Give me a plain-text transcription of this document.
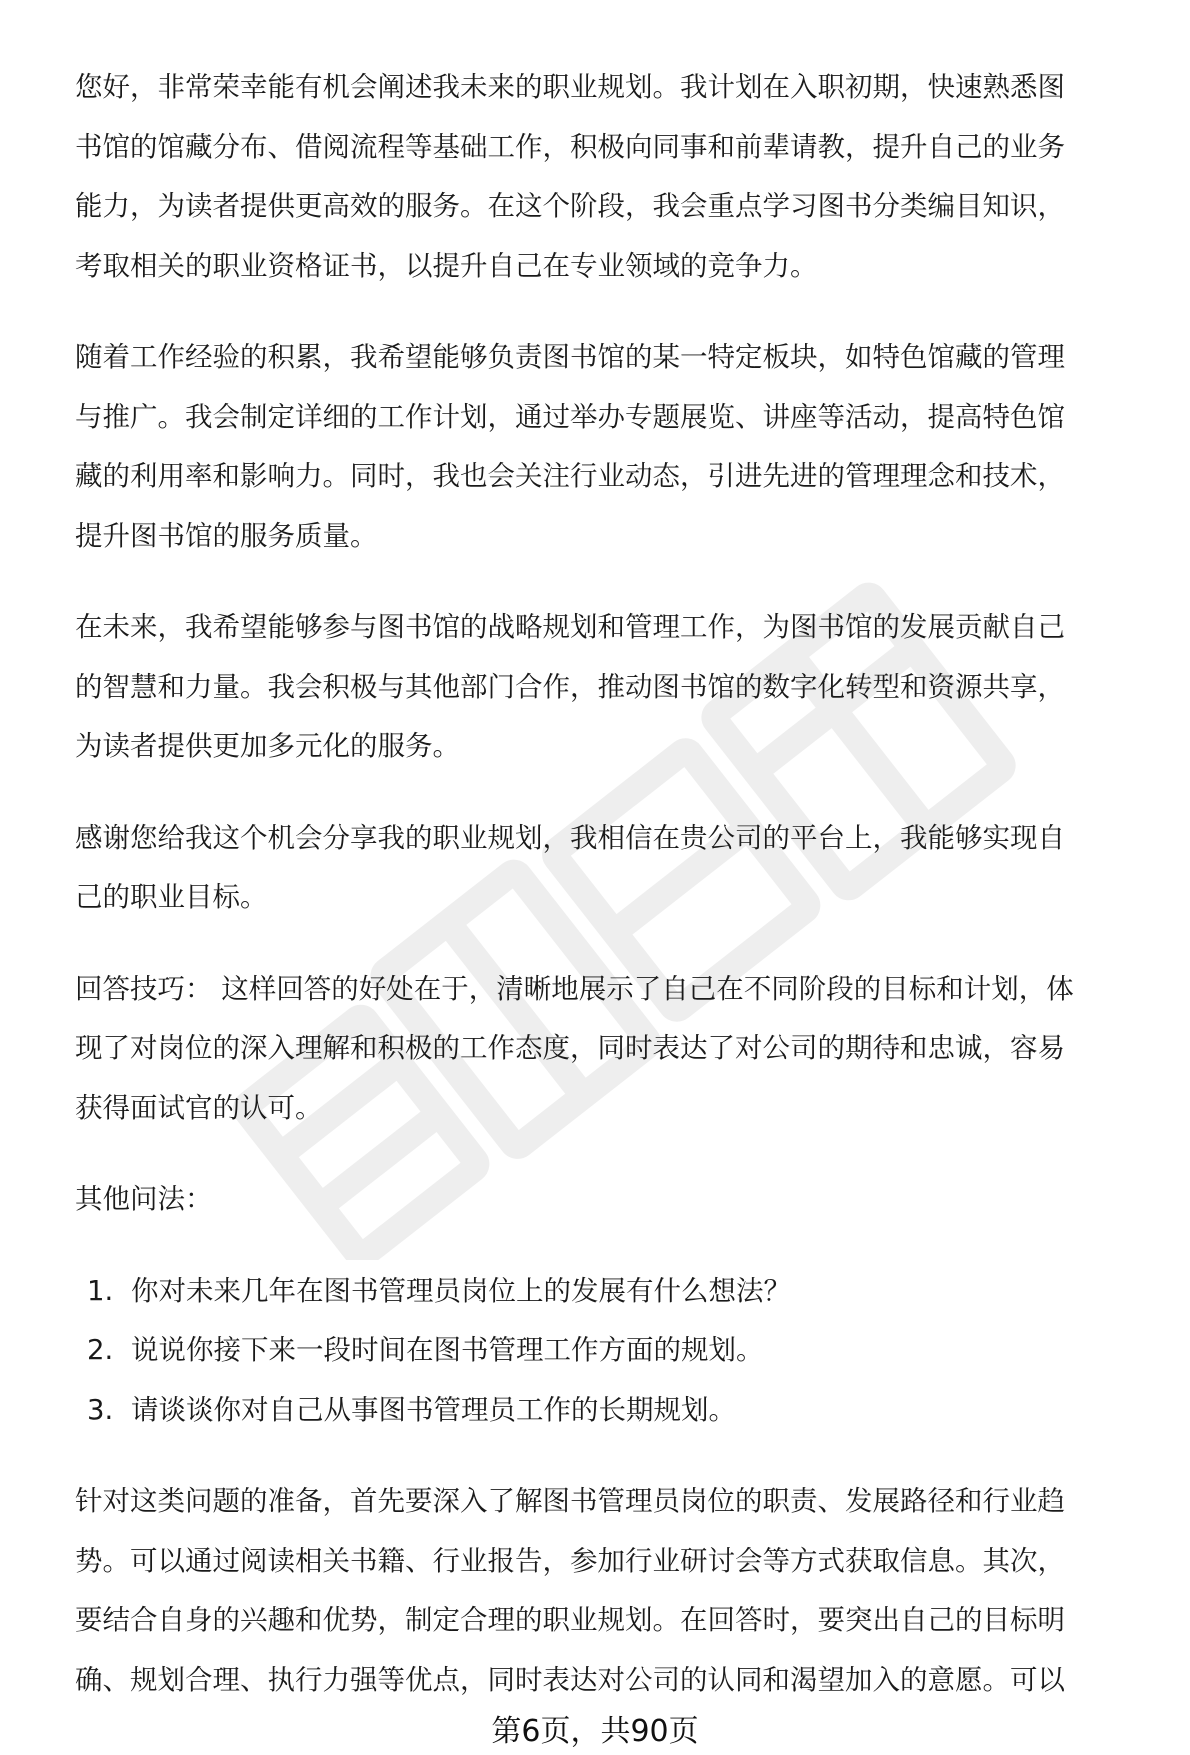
您好，非常荣幸能有机会阐述我未来的职业规划。我计划在入职初期，快速熟悉图
书馆的馆藏分布、借阅流程等基础工作，积极向同事和前辈请教，提升自己的业务
能力，为读者提供更高效的服务。在这个阶段，我会重点学习图书分类编目知识，
考取相关的职业资格证书，以提升自己在专业领域的竞争力。

随着工作经验的积累，我希望能够负责图书馆的某一特定板块，如特色馆藏的管理
与推广。我会制定详细的工作计划，通过举办专题展览、讲座等活动，提高特色馆
藏的利用率和影响力。同时，我也会关注行业动态，引进先进的管理理念和技术，
提升图书馆的服务质量。

在未来，我希望能够参与图书馆的战略规划和管理工作，为图书馆的发展贡献自己
的智慧和力量。我会积极与其他部门合作，推动图书馆的数字化转型和资源共享，
为读者提供更加多元化的服务。

感谢您给我这个机会分享我的职业规划，我相信在贵公司的平台上，我能够实现自
己的职业目标。

回答技巧： 这样回答的好处在于，清晰地展示了自己在不同阶段的目标和计划，体
现了对岗位的深入理解和积极的工作态度，同时表达了对公司的期待和忠诚，容易
获得面试官的认可。

其他问法：

1. 你对未来几年在图书管理员岗位上的发展有什么想法？
2. 说说你接下来一段时间在图书管理工作方面的规划。
3. 请谈谈你对自己从事图书管理员工作的长期规划。

针对这类问题的准备，首先要深入了解图书管理员岗位的职责、发展路径和行业趋
势。可以通过阅读相关书籍、行业报告，参加行业研讨会等方式获取信息。其次，
要结合自身的兴趣和优势，制定合理的职业规划。在回答时，要突出自己的目标明
确、规划合理、执行力强等优点，同时表达对公司的认同和渴望加入的意愿。可以

第6页，共90页
